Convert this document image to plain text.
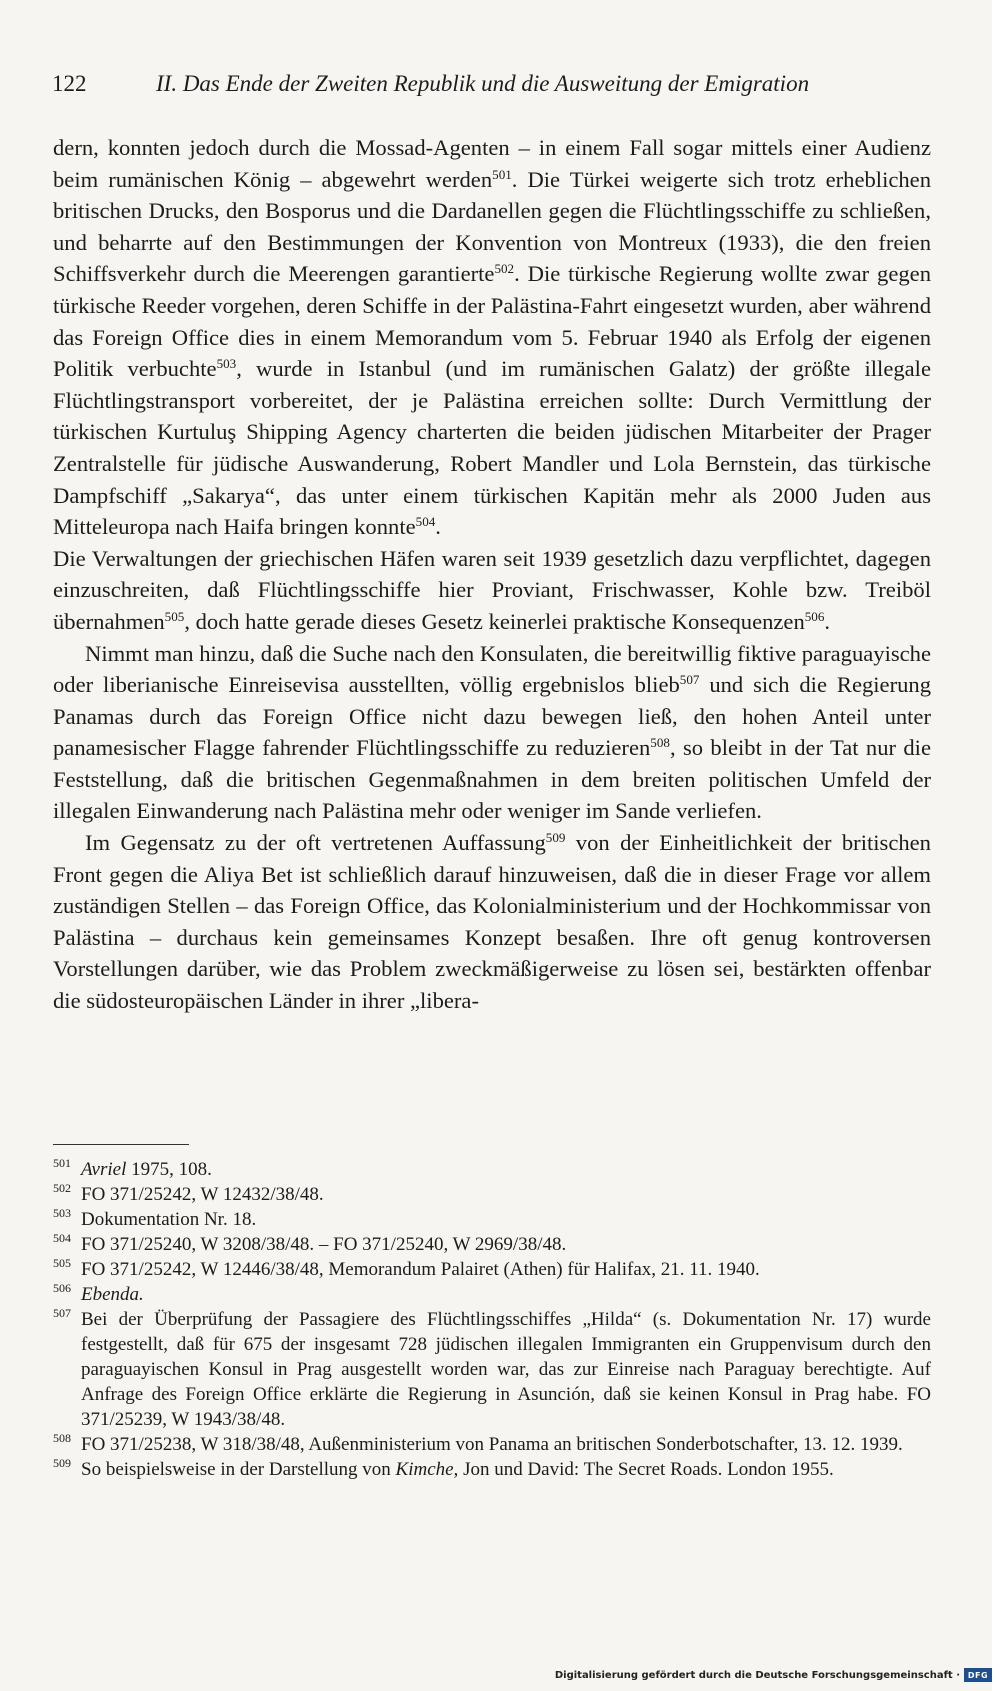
122	II. Das Ende der Zweiten Republik und die Ausweitung der Emigration

dern, konnten jedoch durch die Mossad-Agenten – in einem Fall sogar mittels einer Audienz beim rumänischen König – abgewehrt werden$^{501}$. Die Türkei weigerte sich trotz erheblichen britischen Drucks, den Bosporus und die Dardanellen gegen die Flüchtlingsschiffe zu schließen, und beharrte auf den Bestimmungen der Konvention von Montreux (1933), die den freien Schiffsverkehr durch die Meerengen garantierte$^{502}$. Die türkische Regierung wollte zwar gegen türkische Reeder vorgehen, deren Schiffe in der Palästina-Fahrt eingesetzt wurden, aber während das Foreign Office dies in einem Memorandum vom 5. Februar 1940 als Erfolg der eigenen Politik verbuchte$^{503}$, wurde in Istanbul (und im rumänischen Galatz) der größte illegale Flüchtlingstransport vorbereitet, der je Palästina erreichen sollte: Durch Vermittlung der türkischen Kurtuluş Shipping Agency charterten die beiden jüdischen Mitarbeiter der Prager Zentralstelle für jüdische Auswanderung, Robert Mandler und Lola Bernstein, das türkische Dampfschiff „Sakarya“, das unter einem türkischen Kapitän mehr als 2000 Juden aus Mitteleuropa nach Haifa bringen konnte$^{504}$.

Die Verwaltungen der griechischen Häfen waren seit 1939 gesetzlich dazu verpflichtet, dagegen einzuschreiten, daß Flüchtlingsschiffe hier Proviant, Frischwasser, Kohle bzw. Treiböl übernahmen$^{505}$, doch hatte gerade dieses Gesetz keinerlei praktische Konsequenzen$^{506}$.

Nimmt man hinzu, daß die Suche nach den Konsulaten, die bereitwillig fiktive paraguayische oder liberianische Einreisevisa ausstellten, völlig ergebnislos blieb$^{507}$ und sich die Regierung Panamas durch das Foreign Office nicht dazu bewegen ließ, den hohen Anteil unter panamesischer Flagge fahrender Flüchtlingsschiffe zu reduzieren$^{508}$, so bleibt in der Tat nur die Feststellung, daß die britischen Gegenmaßnahmen in dem breiten politischen Umfeld der illegalen Einwanderung nach Palästina mehr oder weniger im Sande verliefen.

Im Gegensatz zu der oft vertretenen Auffassung$^{509}$ von der Einheitlichkeit der britischen Front gegen die Aliya Bet ist schließlich darauf hinzuweisen, daß die in dieser Frage vor allem zuständigen Stellen – das Foreign Office, das Kolonialministerium und der Hochkommissar von Palästina – durchaus kein gemeinsames Konzept besaßen. Ihre oft genug kontroversen Vorstellungen darüber, wie das Problem zweckmäßigerweise zu lösen sei, bestärkten offenbar die südosteuropäischen Länder in ihrer „libera-

501 Avriel 1975, 108.
502 FO 371/25242, W 12432/38/48.
503 Dokumentation Nr. 18.
504 FO 371/25240, W 3208/38/48. – FO 371/25240, W 2969/38/48.
505 FO 371/25242, W 12446/38/48, Memorandum Palairet (Athen) für Halifax, 21. 11. 1940.
506 Ebenda.
507 Bei der Überprüfung der Passagiere des Flüchtlingsschiffes „Hilda“ (s. Dokumentation Nr. 17) wurde festgestellt, daß für 675 der insgesamt 728 jüdischen illegalen Immigranten ein Gruppenvisum durch den paraguayischen Konsul in Prag ausgestellt worden war, das zur Einreise nach Paraguay berechtigte. Auf Anfrage des Foreign Office erklärte die Regierung in Asunción, daß sie keinen Konsul in Prag habe. FO 371/25239, W 1943/38/48.
508 FO 371/25238, W 318/38/48, Außenministerium von Panama an britischen Sonderbotschafter, 13. 12. 1939.
509 So beispielsweise in der Darstellung von Kimche, Jon und David: The Secret Roads. London 1955.
Digitalisierung gefördert durch die Deutsche Forschungsgemeinschaft · DFG
